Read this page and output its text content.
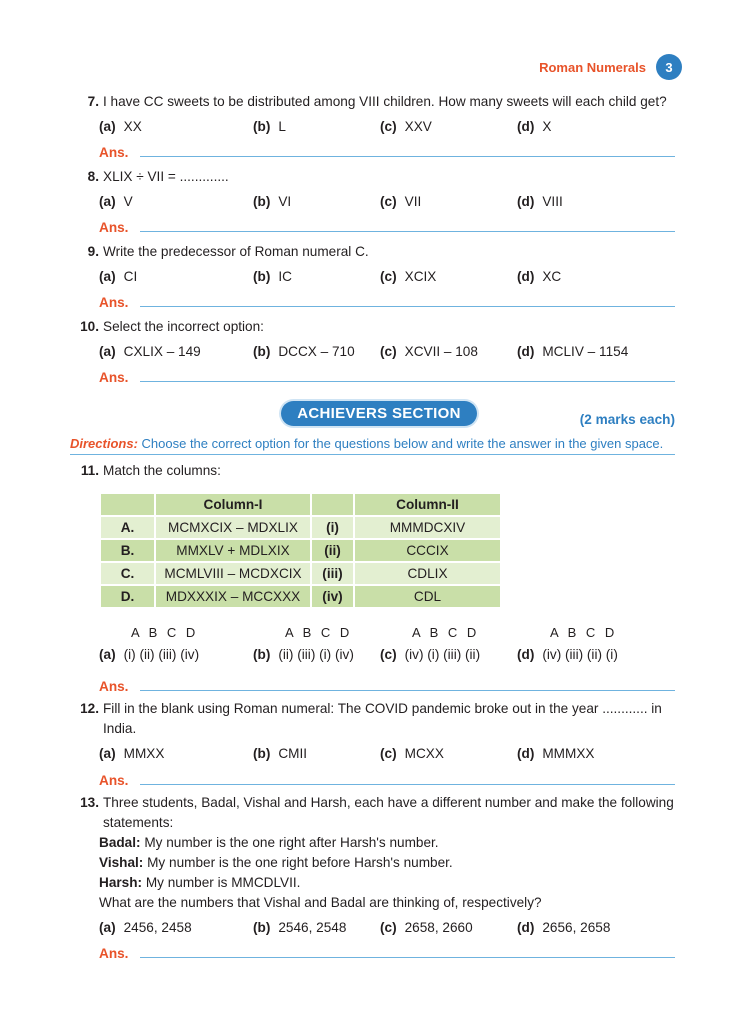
Roman Numerals	3
7. I have CC sweets to be distributed among VIII children. How many sweets will each child get?
(a) XX	(b) L	(c) XXV	(d) X
Ans.
8. XLIX ÷ VII = .............
(a) V	(b) VI	(c) VII	(d) VIII
Ans.
9. Write the predecessor of Roman numeral C.
(a) CI	(b) IC	(c) XCIX	(d) XC
Ans.
10. Select the incorrect option:
(a) CXLIX – 149	(b) DCCX – 710 (c) XCVII – 108	(d) MCLIV – 1154
Ans.
ACHIEVERS SECTION	(2 marks each)
Directions: Choose the correct option for the questions below and write the answer in the given space.
11. Match the columns:
	Column-I		Column-II
A.	MCMXCIX – MDXLIX	(i)	MMMDCXIV
B.	MMXLV + MDLXIX	(ii)	CCCIX
C.	MCMLVIII – MCDXCIX	(iii)	CDLIX
D.	MDXXXIX – MCCXXX	(iv)	CDL
A B C D	A B C D	A B C D	A B C D
(a) (i) (ii) (iii) (iv)	(b) (ii) (iii) (i) (iv) (c) (iv) (i) (iii) (ii)	(d) (iv) (iii) (ii) (i)
Ans.
12. Fill in the blank using Roman numeral: The COVID pandemic broke out in the year ............ in India.
(a) MMXX	(b) CMII	(c) MCXX	(d) MMMXX
Ans.
13. Three students, Badal, Vishal and Harsh, each have a different number and make the following statements:
Badal: My number is the one right after Harsh's number.
Vishal: My number is the one right before Harsh's number.
Harsh: My number is MMCDLVII.
What are the numbers that Vishal and Badal are thinking of, respectively?
(a) 2456, 2458	(b) 2546, 2548 (c) 2658, 2660	(d) 2656, 2658
Ans.
